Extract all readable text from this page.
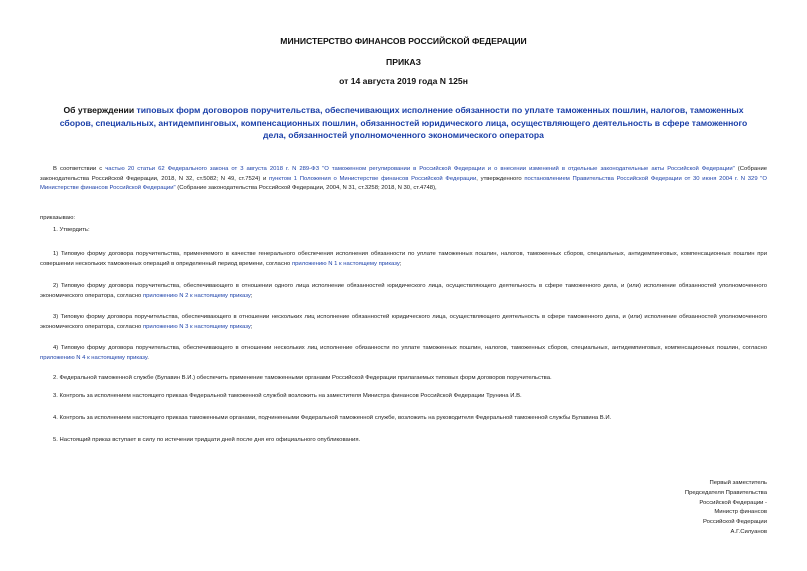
МИНИСТЕРСТВО ФИНАНСОВ РОССИЙСКОЙ ФЕДЕРАЦИИ
ПРИКАЗ
от 14 августа 2019 года N 125н
Об утверждении типовых форм договоров поручительства, обеспечивающих исполнение обязанности по уплате таможенных пошлин, налогов, таможенных сборов, специальных, антидемпинговых, компенсационных пошлин, обязанностей юридического лица, осуществляющего деятельность в сфере таможенного дела, обязанностей уполномоченного экономического оператора
В соответствии с частью 20 статьи 62 Федерального закона от 3 августа 2018 г. N 289-ФЗ "О таможенном регулировании в Российской Федерации и о внесении изменений в отдельные законодательные акты Российской Федерации" (Собрание законодательства Российской Федерации, 2018, N 32, ст.5082; N 49, ст.7524) и пунктом 1 Положения о Министерстве финансов Российской Федерации, утвержденного постановлением Правительства Российской Федерации от 30 июня 2004 г. N 329 "О Министерстве финансов Российской Федерации" (Собрание законодательства Российской Федерации, 2004, N 31, ст.3258; 2018, N 30, ст.4748),
приказываю:
1. Утвердить:
1) Типовую форму договора поручительства, применяемого в качестве генерального обеспечения исполнения обязанности по уплате таможенных пошлин, налогов, таможенных сборов, специальных, антидемпинговых, компенсационных пошлин при совершении нескольких таможенных операций в определенный период времени, согласно приложению N 1 к настоящему приказу;
2) Типовую форму договора поручительства, обеспечивающего в отношении одного лица исполнение обязанностей юридического лица, осуществляющего деятельность в сфере таможенного дела, и (или) исполнение обязанностей уполномоченного экономического оператора, согласно приложению N 2 к настоящему приказу;
3) Типовую форму договора поручительства, обеспечивающего в отношении нескольких лиц исполнение обязанностей юридического лица, осуществляющего деятельность в сфере таможенного дела, и (или) исполнение обязанностей уполномоченного экономического оператора, согласно приложению N 3 к настоящему приказу;
4) Типовую форму договора поручительства, обеспечивающего в отношении нескольких лиц исполнение обязанности по уплате таможенных пошлин, налогов, таможенных сборов, специальных, антидемпинговых, компенсационных пошлин, согласно приложению N 4 к настоящему приказу.
2. Федеральной таможенной службе (Булавин В.И.) обеспечить применение таможенными органами Российской Федерации прилагаемых типовых форм договоров поручительства.
3. Контроль за исполнением настоящего приказа Федеральной таможенной службой возложить на заместителя Министра финансов Российской Федерации Трунина И.В.
4. Контроль за исполнением настоящего приказа таможенными органами, подчиненными Федеральной таможенной службе, возложить на руководителя Федеральной таможенной службы Булавина В.И.
5. Настоящий приказ вступает в силу по истечении тридцати дней после дня его официального опубликования.
Первый заместитель
Председателя Правительства
Российской Федерации -
Министр финансов
Российской Федерации
А.Г.Силуанов
